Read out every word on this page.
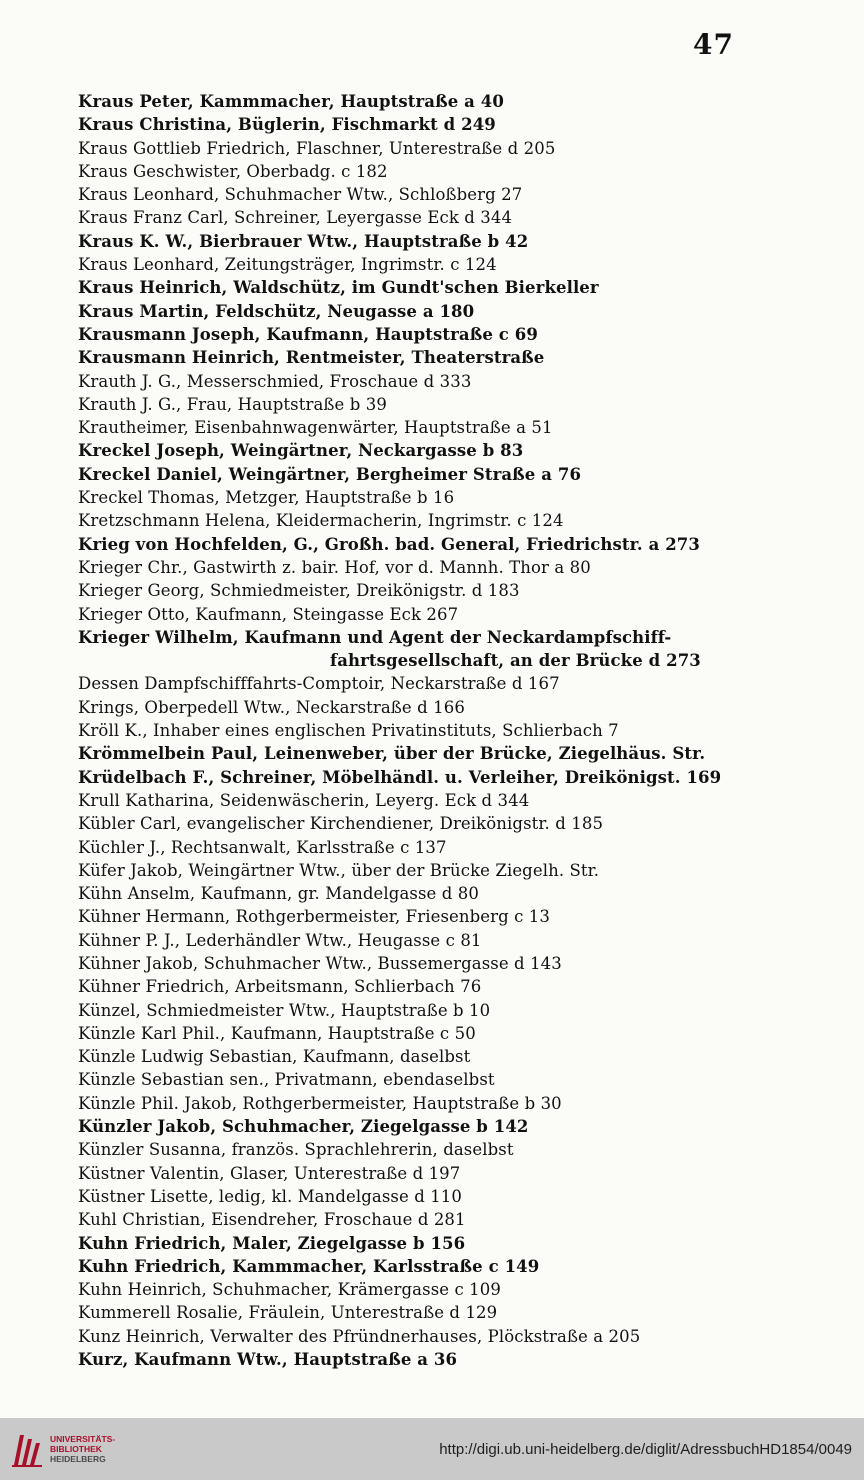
47
Kraus Peter, Kammmacher, Hauptstraße a 40
Kraus Christina, Büglerin, Fischmarkt d 249
Kraus Gottlieb Friedrich, Flaschner, Unterestraße d 205
Kraus Geschwister, Oberbadg. c 182
Kraus Leonhard, Schuhmacher Wtw., Schloßberg 27
Kraus Franz Carl, Schreiner, Leyergasse Eck d 344
Kraus K. W., Bierbrauer Wtw., Hauptstraße b 42
Kraus Leonhard, Zeitungsträger, Ingrimstr. c 124
Kraus Heinrich, Waldschütz, im Gundt'schen Bierkeller
Kraus Martin, Feldschütz, Neugasse a 180
Krausmann Joseph, Kaufmann, Hauptstraße c 69
Krausmann Heinrich, Rentmeister, Theaterstraße
Krauth J. G., Messerschmied, Froschaue d 333
Krauth J. G., Frau, Hauptstraße b 39
Krautheimer, Eisenbahnwagenwärter, Hauptstraße a 51
Kreckel Joseph, Weingärtner, Neckargasse b 83
Kreckel Daniel, Weingärtner, Bergheimer Straße a 76
Kreckel Thomas, Metzger, Hauptstraße b 16
Kretzschmann Helena, Kleidermacherin, Ingrimstr. c 124
Krieg von Hochfelden, G., Großh. bad. General, Friedrichstr. a 273
Krieger Chr., Gastwirth z. bair. Hof, vor d. Mannh. Thor a 80
Krieger Georg, Schmiedmeister, Dreikönigstr. d 183
Krieger Otto, Kaufmann, Steingasse Eck 267
Krieger Wilhelm, Kaufmann und Agent der Neckardampfschiff-
fahrtsgesellschaft, an der Brücke d 273
Dessen Dampfschifffahrts-Comptoir, Neckarstraße d 167
Krings, Oberpedell Wtw., Neckarstraße d 166
Kröll K., Inhaber eines englischen Privatinstituts, Schlierbach 7
Krömmelbein Paul, Leinenweber, über der Brücke, Ziegelhäus. Str.
Krüdelbach F., Schreiner, Möbelhändl. u. Verleiher, Dreikönigst. 169
Krull Katharina, Seidenwäscherin, Leyerg. Eck d 344
Kübler Carl, evangelischer Kirchendiener, Dreikönigstr. d 185
Küchler J., Rechtsanwalt, Karlsstraße c 137
Küfer Jakob, Weingärtner Wtw., über der Brücke Ziegelh. Str.
Kühn Anselm, Kaufmann, gr. Mandelgasse d 80
Kühner Hermann, Rothgerbermeister, Friesenberg c 13
Kühner P. J., Lederhändler Wtw., Heugasse c 81
Kühner Jakob, Schuhmacher Wtw., Bussemergasse d 143
Kühner Friedrich, Arbeitsmann, Schlierbach 76
Künzel, Schmiedmeister Wtw., Hauptstraße b 10
Künzle Karl Phil., Kaufmann, Hauptstraße c 50
Künzle Ludwig Sebastian, Kaufmann, daselbst
Künzle Sebastian sen., Privatmann, ebendaselbst
Künzle Phil. Jakob, Rothgerbermeister, Hauptstraße b 30
Künzler Jakob, Schuhmacher, Ziegelgasse b 142
Künzler Susanna, französ. Sprachlehrerin, daselbst
Küstner Valentin, Glaser, Unterestraße d 197
Küstner Lisette, ledig, kl. Mandelgasse d 110
Kuhl Christian, Eisendreher, Froschaue d 281
Kuhn Friedrich, Maler, Ziegelgasse b 156
Kuhn Friedrich, Kammmacher, Karlsstraße c 149
Kuhn Heinrich, Schuhmacher, Krämergasse c 109
Kummerell Rosalie, Fräulein, Unterestraße d 129
Kunz Heinrich, Verwalter des Pfründnerhauses, Plöckstraße a 205
Kurz, Kaufmann Wtw., Hauptstraße a 36
UNIVERSITÄTS-
BIBLIOTHEK
HEIDELBERG
http://digi.ub.uni-heidelberg.de/diglit/AdressbuchHD1854/0049
